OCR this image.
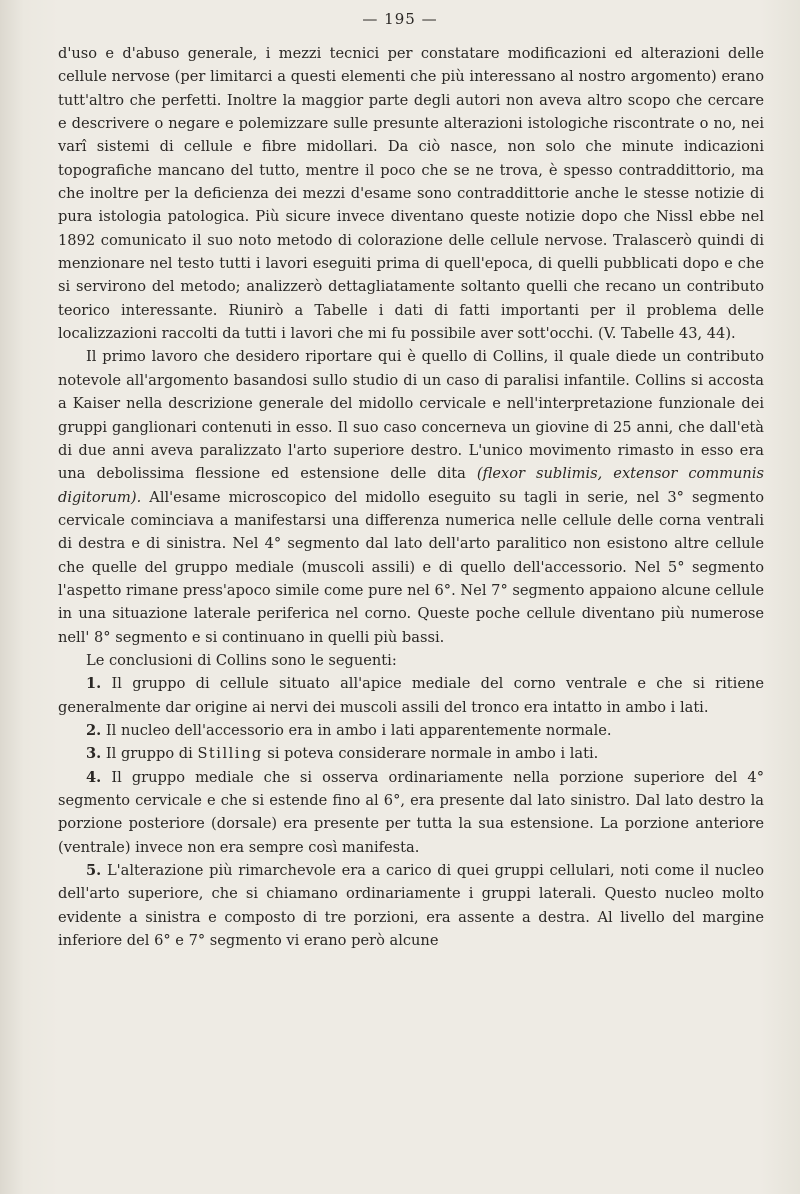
— 195 —

d'uso e d'abuso generale, i mezzi tecnici per constatare modificazioni ed alterazioni delle cellule nervose (per limitarci a questi elementi che più interessano al nostro argomento) erano tutt'altro che perfetti. Inoltre la maggior parte degli autori non aveva altro scopo che cercare e descrivere o negare e polemizzare sulle presunte alterazioni istologiche riscontrate o no, nei varî sistemi di cellule e fibre midollari. Da ciò nasce, non solo che minute indicazioni topografiche mancano del tutto, mentre il poco che se ne trova, è spesso contraddittorio, ma che inoltre per la deficienza dei mezzi d'esame sono contraddittorie anche le stesse notizie di pura istologia patologica. Più sicure invece diventano queste notizie dopo che Nissl ebbe nel 1892 comunicato il suo noto metodo di colorazione delle cellule nervose. Tralascerò quindi di menzionare nel testo tutti i lavori eseguiti prima di quell'epoca, di quelli pubblicati dopo e che si servirono del metodo; analizzerò dettagliatamente soltanto quelli che recano un contributo teorico interessante. Riunirò a Tabelle i dati di fatti importanti per il problema delle localizzazioni raccolti da tutti i lavori che mi fu possibile aver sott'occhi. (V. Tabelle 43, 44).

Il primo lavoro che desidero riportare qui è quello di Collins, il quale diede un contributo notevole all'argomento basandosi sullo studio di un caso di paralisi infantile. Collins si accosta a Kaiser nella descrizione generale del midollo cervicale e nell'interpretazione funzionale dei gruppi ganglionari contenuti in esso. Il suo caso concerneva un giovine di 25 anni, che dall'età di due anni aveva paralizzato l'arto superiore destro. L'unico movimento rimasto in esso era una debolissima flessione ed estensione delle dita (flexor sublimis, extensor communis digitorum). All'esame microscopico del midollo eseguito su tagli in serie, nel 3° segmento cervicale cominciava a manifestarsi una differenza numerica nelle cellule delle corna ventrali di destra e di sinistra. Nel 4° segmento dal lato dell'arto paralitico non esistono altre cellule che quelle del gruppo mediale (muscoli assili) e di quello dell'accessorio. Nel 5° segmento l'aspetto rimane press'apoco simile come pure nel 6°. Nel 7° segmento appaiono alcune cellule in una situazione laterale periferica nel corno. Queste poche cellule diventano più numerose nell' 8° segmento e si continuano in quelli più bassi.

Le conclusioni di Collins sono le seguenti:

1. Il gruppo di cellule situato all'apice mediale del corno ventrale e che si ritiene generalmente dar origine ai nervi dei muscoli assili del tronco era intatto in ambo i lati.

2. Il nucleo dell'accessorio era in ambo i lati apparentemente normale.

3. Il gruppo di Stilling si poteva considerare normale in ambo i lati.

4. Il gruppo mediale che si osserva ordinariamente nella porzione superiore del 4° segmento cervicale e che si estende fino al 6°, era presente dal lato sinistro. Dal lato destro la porzione posteriore (dorsale) era presente per tutta la sua estensione. La porzione anteriore (ventrale) invece non era sempre così manifesta.

5. L'alterazione più rimarchevole era a carico di quei gruppi cellulari, noti come il nucleo dell'arto superiore, che si chiamano ordinariamente i gruppi laterali. Questo nucleo molto evidente a sinistra e composto di tre porzioni, era assente a destra. Al livello del margine inferiore del 6° e 7° segmento vi erano però alcune
